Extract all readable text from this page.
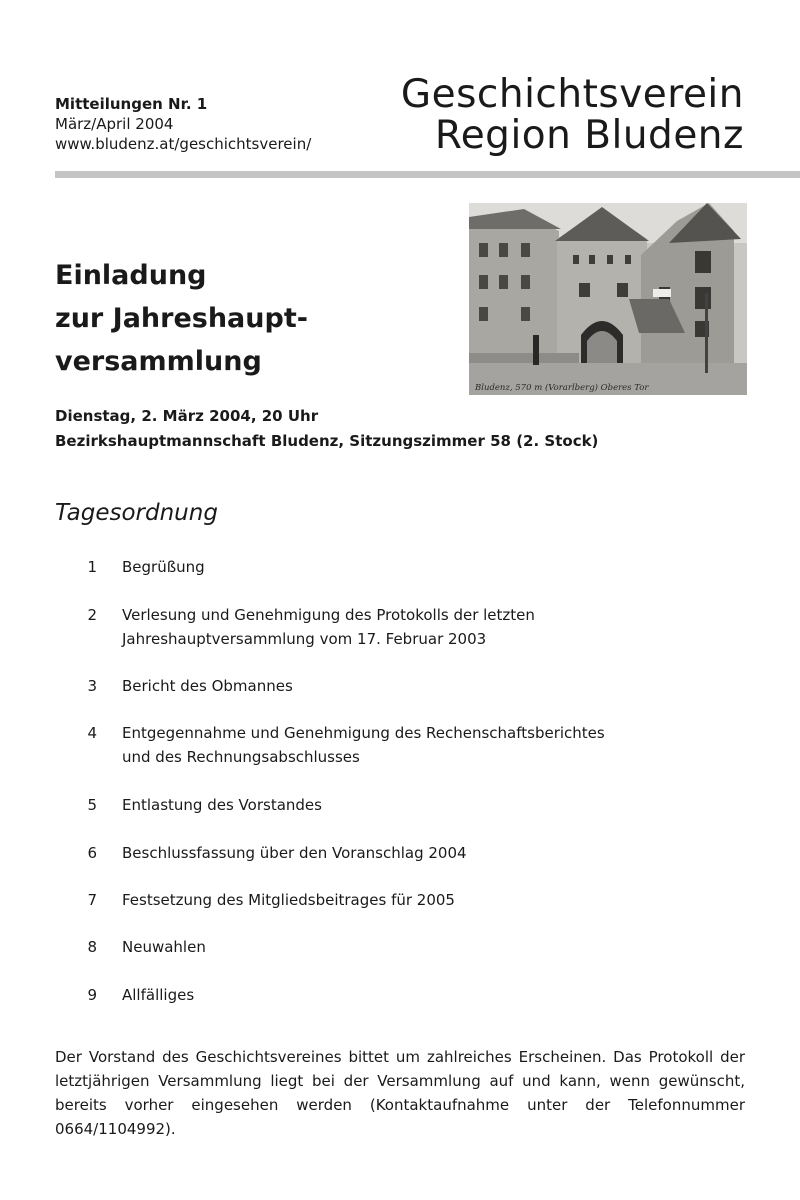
Mitteilungen Nr. 1
März/April 2004
www.bludenz.at/geschichtsverein/
Geschichtsverein
Region Bludenz
Einladung
zur Jahreshaupt-
versammlung
Bludenz, 570 m (Vorarlberg) Oberes Tor
Dienstag, 2. März 2004, 20 Uhr
Bezirkshauptmannschaft Bludenz, Sitzungszimmer 58 (2. Stock)
Tagesordnung
1 Begrüßung
2 Verlesung und Genehmigung des Protokolls der letzten
Jahreshauptversammlung vom 17. Februar 2003
3 Bericht des Obmannes
4 Entgegennahme und Genehmigung des Rechenschaftsberichtes
und des Rechnungsabschlusses
5 Entlastung des Vorstandes
6 Beschlussfassung über den Voranschlag 2004
7 Festsetzung des Mitgliedsbeitrages für 2005
8 Neuwahlen
9 Allfälliges

Der Vorstand des Geschichtsvereines bittet um zahlreiches Erscheinen. Das Protokoll der letztjährigen Versammlung liegt bei der Versammlung auf und kann, wenn gewünscht, bereits vorher eingesehen werden (Kontaktaufnahme unter der Telefonnummer 0664/1104992).
